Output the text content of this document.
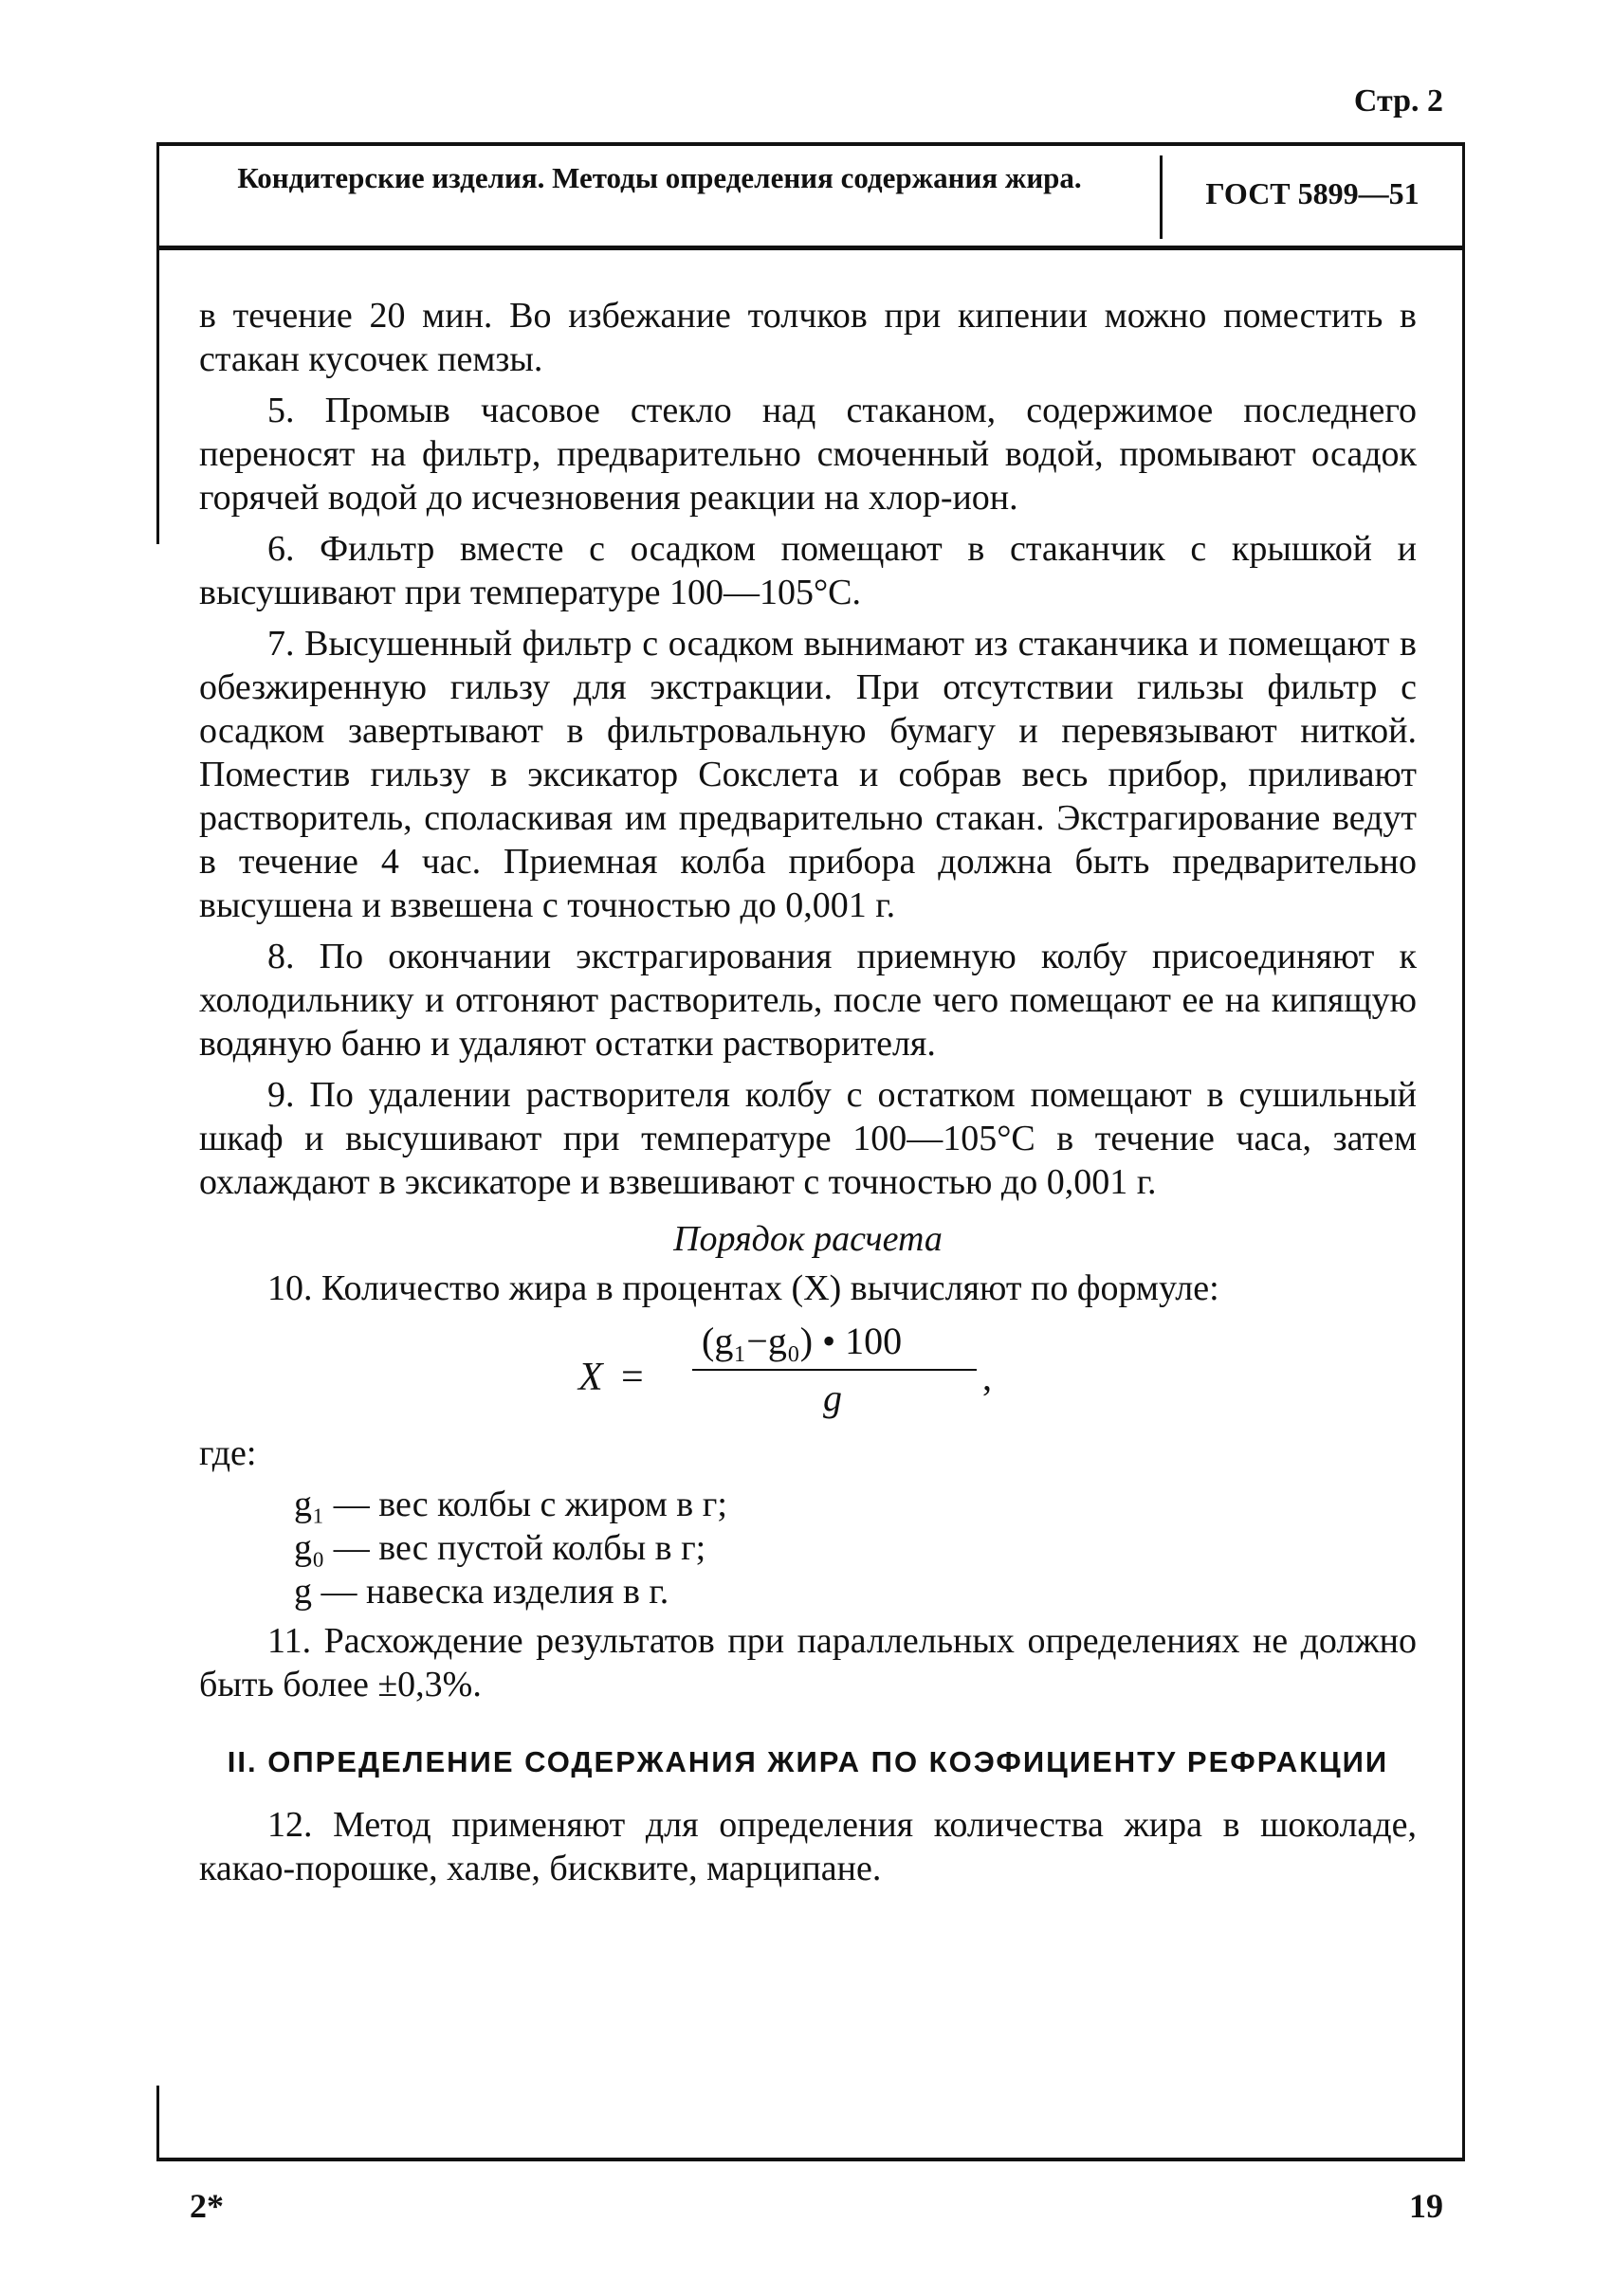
Стр. 2
Кондитерские изделия. Методы определения содержания жира.	ГОСТ 5899—51

в течение 20 мин. Во избежание толчков при кипении можно поместить в стакан кусочек пемзы.

5. Промыв часовое стекло над стаканом, содержимое последнего переносят на фильтр, предварительно смоченный водой, промывают осадок горячей водой до исчезновения реакции на хлор-ион.

6. Фильтр вместе с осадком помещают в стаканчик с крышкой и высушивают при температуре 100—105°С.

7. Высушенный фильтр с осадком вынимают из стаканчика и помещают в обезжиренную гильзу для экстракции. При отсутствии гильзы фильтр с осадком завертывают в фильтровальную бумагу и перевязывают ниткой. Поместив гильзу в эксикатор Сокслета и собрав весь прибор, приливают растворитель, споласкивая им предварительно стакан. Экстрагирование ведут в течение 4 час. Приемная колба прибора должна быть предварительно высушена и взвешена с точностью до 0,001 г.

8. По окончании экстрагирования приемную колбу присоединяют к холодильнику и отгоняют растворитель, после чего помещают ее на кипящую водяную баню и удаляют остатки растворителя.

9. По удалении растворителя колбу с остатком помещают в сушильный шкаф и высушивают при температуре 100—105°С в течение часа, затем охлаждают в эксикаторе и взвешивают с точностью до 0,001 г.

Порядок расчета

10. Количество жира в процентах (X) вычисляют по формуле:

X =
(g₁−g₀) • 100
g	,

где:

g₁ — вес колбы с жиром в г;
g₀ — вес пустой колбы в г;
g — навеска изделия в г.

11. Расхождение результатов при параллельных определениях не должно быть более ±0,3%.

II. ОПРЕДЕЛЕНИЕ СОДЕРЖАНИЯ ЖИРА ПО КОЭФИЦИЕНТУ РЕФРАКЦИИ

12. Метод применяют для определения количества жира в шоколаде, какао-порошке, халве, бисквите, марципане.

2*	19
